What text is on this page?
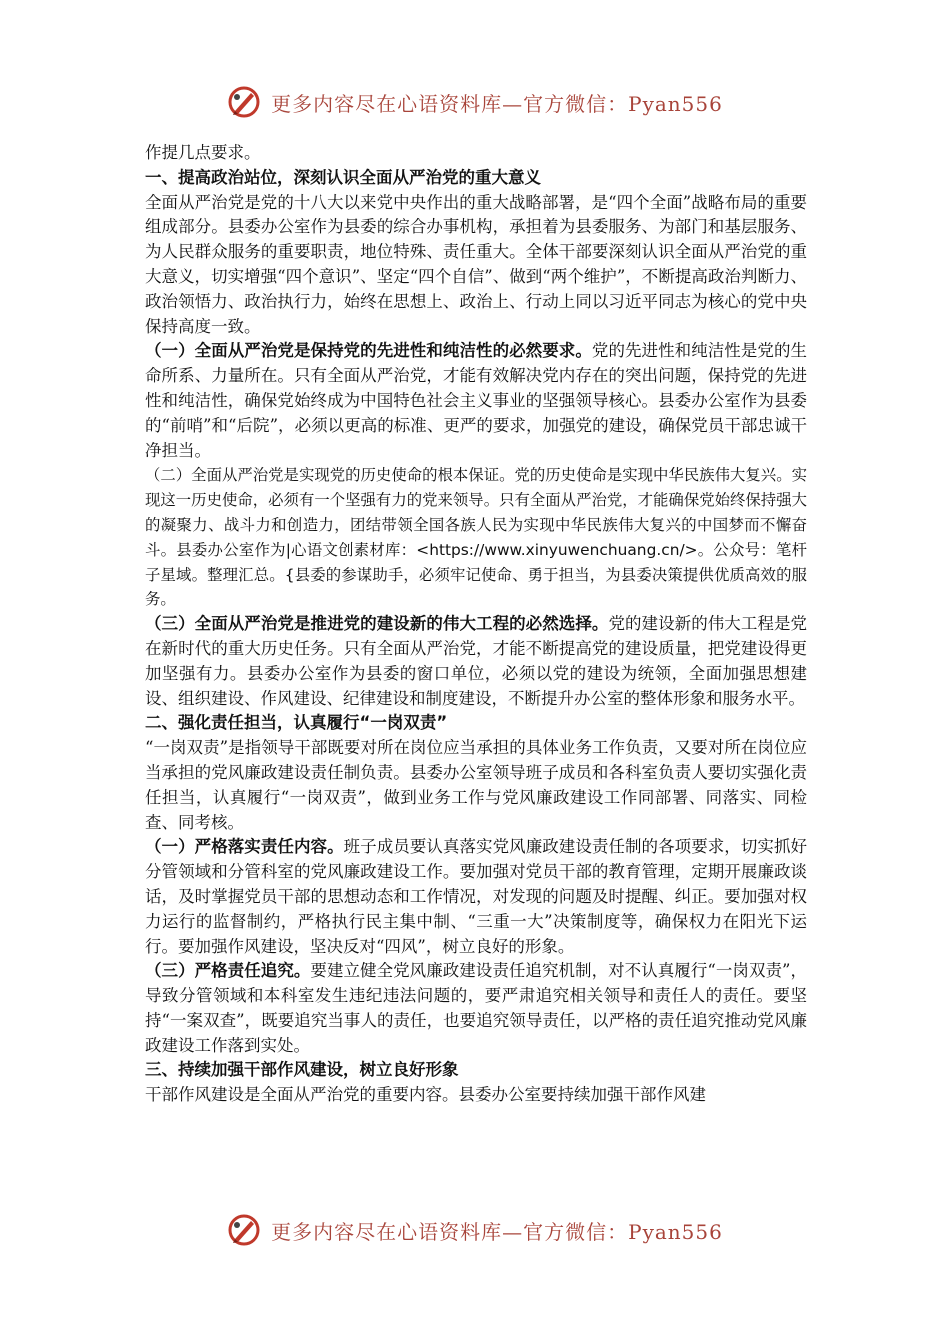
更多内容尽在心语资料库—官方微信：Pyan556

作提几点要求。

一、提高政治站位，深刻认识全面从严治党的重大意义

全面从严治党是党的十八大以来党中央作出的重大战略部署，是“四个全面”战略布局的重要组成部分。县委办公室作为县委的综合办事机构，承担着为县委服务、为部门和基层服务、为人民群众服务的重要职责，地位特殊、责任重大。全体干部要深刻认识全面从严治党的重大意义，切实增强“四个意识”、坚定“四个自信”、做到“两个维护”，不断提高政治判断力、政治领悟力、政治执行力，始终在思想上、政治上、行动上同以习近平同志为核心的党中央保持高度一致。

（一）全面从严治党是保持党的先进性和纯洁性的必然要求。党的先进性和纯洁性是党的生命所系、力量所在。只有全面从严治党，才能有效解决党内存在的突出问题，保持党的先进性和纯洁性，确保党始终成为中国特色社会主义事业的坚强领导核心。县委办公室作为县委的“前哨”和“后院”，必须以更高的标准、更严的要求，加强党的建设，确保党员干部忠诚干净担当。

（二）全面从严治党是实现党的历史使命的根本保证。党的历史使命是实现中华民族伟大复兴。实现这一历史使命，必须有一个坚强有力的党来领导。只有全面从严治党，才能确保党始终保持强大的凝聚力、战斗力和创造力，团结带领全国各族人民为实现中华民族伟大复兴的中国梦而不懈奋斗。县委办公室作为|心语文创素材库：<https://www.xinyuwenchuang.cn/>。公众号：笔杆子星域。整理汇总。{县委的参谋助手，必须牢记使命、勇于担当，为县委决策提供优质高效的服务。

（三）全面从严治党是推进党的建设新的伟大工程的必然选择。党的建设新的伟大工程是党在新时代的重大历史任务。只有全面从严治党，才能不断提高党的建设质量，把党建设得更加坚强有力。县委办公室作为县委的窗口单位，必须以党的建设为统领，全面加强思想建设、组织建设、作风建设、纪律建设和制度建设，不断提升办公室的整体形象和服务水平。

二、强化责任担当，认真履行“一岗双责”

“一岗双责”是指领导干部既要对所在岗位应当承担的具体业务工作负责，又要对所在岗位应当承担的党风廉政建设责任制负责。县委办公室领导班子成员和各科室负责人要切实强化责任担当，认真履行“一岗双责”，做到业务工作与党风廉政建设工作同部署、同落实、同检查、同考核。

（一）严格落实责任内容。班子成员要认真落实党风廉政建设责任制的各项要求，切实抓好分管领域和分管科室的党风廉政建设工作。要加强对党员干部的教育管理，定期开展廉政谈话，及时掌握党员干部的思想动态和工作情况，对发现的问题及时提醒、纠正。要加强对权力运行的监督制约，严格执行民主集中制、“三重一大”决策制度等，确保权力在阳光下运行。要加强作风建设，坚决反对“四风”，树立良好的形象。

（三）严格责任追究。要建立健全党风廉政建设责任追究机制，对不认真履行“一岗双责”，导致分管领域和本科室发生违纪违法问题的，要严肃追究相关领导和责任人的责任。要坚持“一案双查”，既要追究当事人的责任，也要追究领导责任，以严格的责任追究推动党风廉政建设工作落到实处。

三、持续加强干部作风建设，树立良好形象

干部作风建设是全面从严治党的重要内容。县委办公室要持续加强干部作风建

更多内容尽在心语资料库—官方微信：Pyan556
